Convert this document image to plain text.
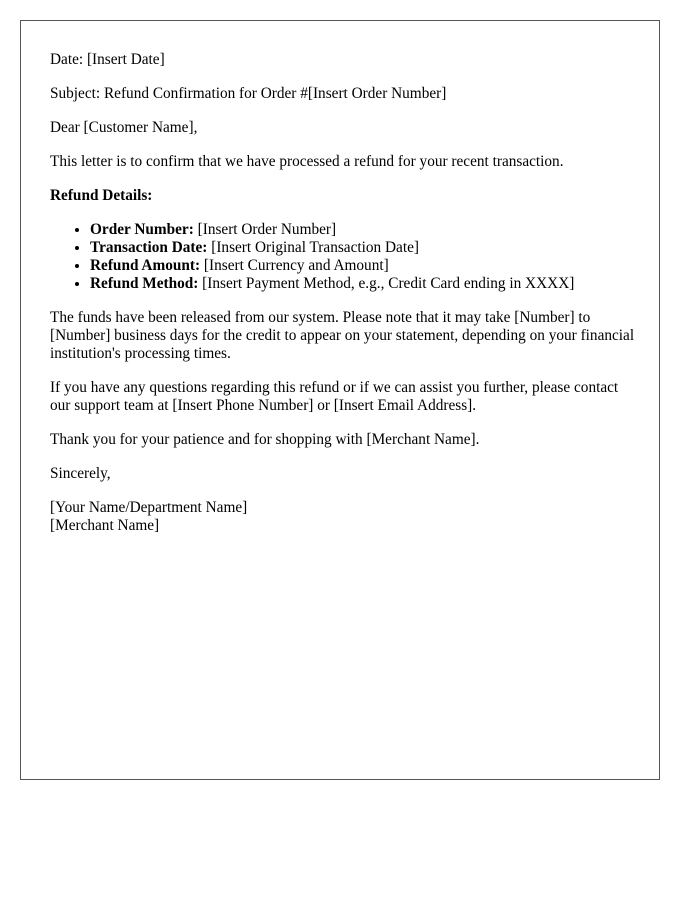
Date: [Insert Date]

Subject: Refund Confirmation for Order #[Insert Order Number]

Dear [Customer Name],

This letter is to confirm that we have processed a refund for your recent transaction.

Refund Details:

• Order Number: [Insert Order Number]
• Transaction Date: [Insert Original Transaction Date]
• Refund Amount: [Insert Currency and Amount]
• Refund Method: [Insert Payment Method, e.g., Credit Card ending in XXXX]

The funds have been released from our system. Please note that it may take [Number] to [Number] business days for the credit to appear on your statement, depending on your financial institution's processing times.

If you have any questions regarding this refund or if we can assist you further, please contact our support team at [Insert Phone Number] or [Insert Email Address].

Thank you for your patience and for shopping with [Merchant Name].

Sincerely,

[Your Name/Department Name]

[Merchant Name]
